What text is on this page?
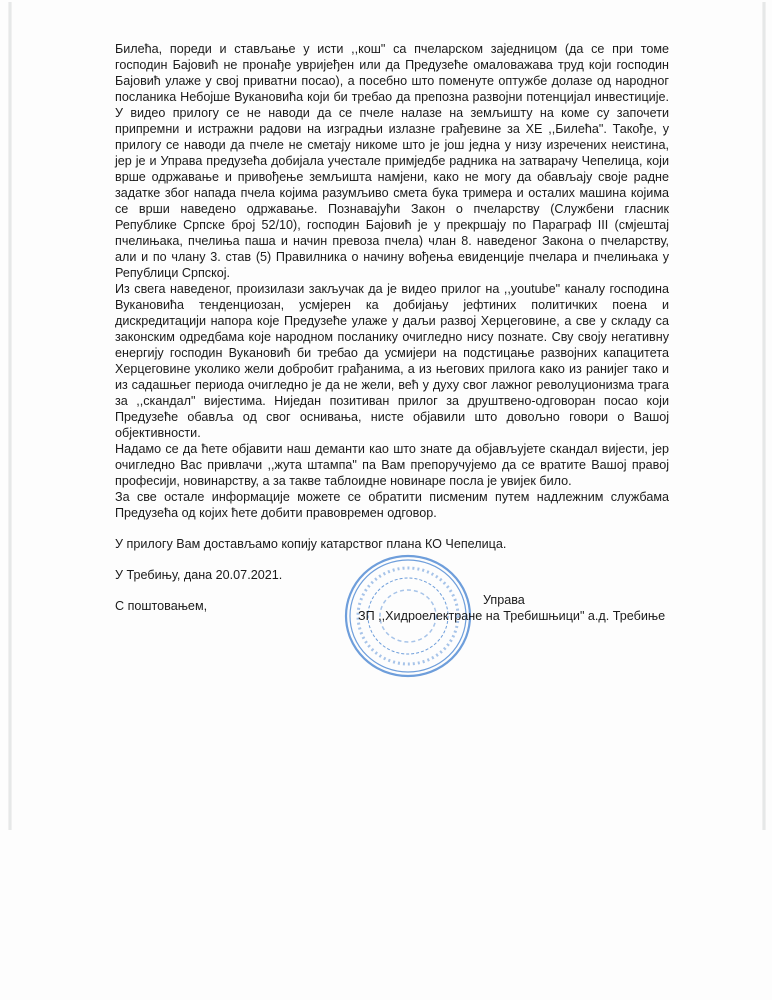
Билећа, пореди и стављање у исти ,,кош" са пчеларском заједницом (да се при томе господин Бајовић не пронађе увријеђен или да Предузеће омаловажава труд који господин Бајовић улаже у свој приватни посао), а посебно што поменуте оптужбе долазе од народног посланика Небојше Вукановића који би требао да препозна развојни потенцијал инвестиције. У видео прилогу се не наводи да се пчеле налазе на земљишту на коме су започети припремни и истражни радови на изградњи излазне грађевине за ХЕ ,,Билећа". Такође, у прилогу се наводи да пчеле не сметају никоме што је још једна у низу изречених неистина, јер је и Управа предузећа добијала учестале примједбе радника на затварачу Чепелица, који врше одржавање и привођење земљишта намјени, како не могу да обављају своје радне задатке због напада пчела којима разумљиво смета бука тримера и осталих машина којима се врши наведено одржавање. Познавајући Закон о пчеларству (Службени гласник Републике Српске број 52/10), господин Бајовић је у прекршају по Параграф III (смјештај пчелињака, пчелиња паша и начин превоза пчела) члан 8. наведеног Закона о пчеларству, али и по члану 3. став (5) Правилника о начину вођења евиденције пчелара и пчелињака у Републици Српској.

Из свега наведеног, произилази закључак да је видео прилог на ,,youtube" каналу господина Вукановића тенденциозан, усмјерен ка добијању јефтиних политичких поена и дискредитацији напора које Предузеће улаже у даљи развој Херцеговине, а све у складу са законским одредбама које народном посланику очигледно нису познате. Сву своју негативну енергију господин Вукановић би требао да усмијери на подстицање развојних капацитета Херцеговине уколико жели добробит грађанима, а из његових прилога како из ранијег тако и из садашњег периода очигледно је да не жели, већ у духу свог лажног револуционизма трага за ,,скандал" вијестима. Ниједан позитиван прилог за друштвено-одговоран посао који Предузеће обавља од свог оснивања, нисте објавили што довољно говори о Вашој објективности.

Надамо се да ћете објавити наш деманти као што знате да објављујете скандал вијести, јер очигледно Вас привлачи ,,жута штампа" па Вам препоручујемо да се вратите Вашој правој професији, новинарству, а за такве таблоидне новинаре посла је увијек било.

За све остале информације можете се обратити писменим путем надлежним службама Предузећа од којих ћете добити правовремен одговор.

У прилогу Вам достављамо копију катарствог плана КО Чепелица.

У Требињу, дана 20.07.2021.

С поштовањем,	Управа
ЗП ,,Хидроелектране на Требишњици" а.д. Требиње
